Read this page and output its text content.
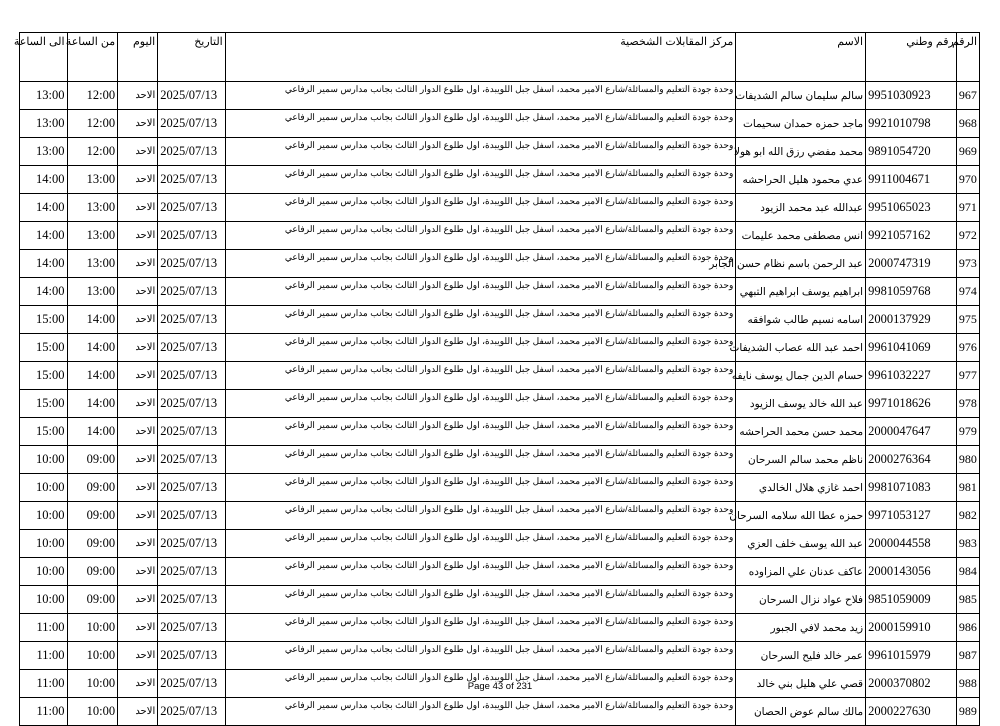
الرقم	رقم وطني	الاسم	مركز المقابلات الشخصية	التاريخ	اليوم	من الساعة	الى الساعة
967	9951030923	سالم سليمان سالم الشديفات	وحدة جودة التعليم والمسائلة/شارع الامير محمد، اسفل جبل اللويبدة، اول طلوع الدوار الثالث بجانب مدارس سمير الرفاعي	2025/07/13	الاحد	12:00	13:00
968	9921010798	ماجد حمزه حمدان سحيمات	وحدة جودة التعليم والمسائلة/شارع الامير محمد، اسفل جبل اللويبدة، اول طلوع الدوار الثالث بجانب مدارس سمير الرفاعي	2025/07/13	الاحد	12:00	13:00
969	9891054720	محمد مفضي رزق الله ابو هولا	وحدة جودة التعليم والمسائلة/شارع الامير محمد، اسفل جبل اللويبدة، اول طلوع الدوار الثالث بجانب مدارس سمير الرفاعي	2025/07/13	الاحد	12:00	13:00
970	9911004671	عدي محمود هليل الحراحشه	وحدة جودة التعليم والمسائلة/شارع الامير محمد، اسفل جبل اللويبدة، اول طلوع الدوار الثالث بجانب مدارس سمير الرفاعي	2025/07/13	الاحد	13:00	14:00
971	9951065023	عبدالله عبد محمد الزيود	وحدة جودة التعليم والمسائلة/شارع الامير محمد، اسفل جبل اللويبدة، اول طلوع الدوار الثالث بجانب مدارس سمير الرفاعي	2025/07/13	الاحد	13:00	14:00
972	9921057162	انس مصطفى محمد عليمات	وحدة جودة التعليم والمسائلة/شارع الامير محمد، اسفل جبل اللويبدة، اول طلوع الدوار الثالث بجانب مدارس سمير الرفاعي	2025/07/13	الاحد	13:00	14:00
973	2000747319	عبد الرحمن باسم نظام حسن الجابر	وحدة جودة التعليم والمسائلة/شارع الامير محمد، اسفل جبل اللويبدة، اول طلوع الدوار الثالث بجانب مدارس سمير الرفاعي	2025/07/13	الاحد	13:00	14:00
974	9981059768	ابراهيم يوسف ابراهيم التبهي	وحدة جودة التعليم والمسائلة/شارع الامير محمد، اسفل جبل اللويبدة، اول طلوع الدوار الثالث بجانب مدارس سمير الرفاعي	2025/07/13	الاحد	13:00	14:00
975	2000137929	اسامه نسيم طالب شوافقه	وحدة جودة التعليم والمسائلة/شارع الامير محمد، اسفل جبل اللويبدة، اول طلوع الدوار الثالث بجانب مدارس سمير الرفاعي	2025/07/13	الاحد	14:00	15:00
976	9961041069	احمد عبد الله عصاب الشديفات	وحدة جودة التعليم والمسائلة/شارع الامير محمد، اسفل جبل اللويبدة، اول طلوع الدوار الثالث بجانب مدارس سمير الرفاعي	2025/07/13	الاحد	14:00	15:00
977	9961032227	حسام الدين جمال يوسف نايفه	وحدة جودة التعليم والمسائلة/شارع الامير محمد، اسفل جبل اللويبدة، اول طلوع الدوار الثالث بجانب مدارس سمير الرفاعي	2025/07/13	الاحد	14:00	15:00
978	9971018626	عبد الله خالد يوسف الزيود	وحدة جودة التعليم والمسائلة/شارع الامير محمد، اسفل جبل اللويبدة، اول طلوع الدوار الثالث بجانب مدارس سمير الرفاعي	2025/07/13	الاحد	14:00	15:00
979	2000047647	محمد حسن محمد الحراحشه	وحدة جودة التعليم والمسائلة/شارع الامير محمد، اسفل جبل اللويبدة، اول طلوع الدوار الثالث بجانب مدارس سمير الرفاعي	2025/07/13	الاحد	14:00	15:00
980	2000276364	ناظم محمد سالم السرحان	وحدة جودة التعليم والمسائلة/شارع الامير محمد، اسفل جبل اللويبدة، اول طلوع الدوار الثالث بجانب مدارس سمير الرفاعي	2025/07/13	الاحد	09:00	10:00
981	9981071083	احمد غازي هلال الخالدي	وحدة جودة التعليم والمسائلة/شارع الامير محمد، اسفل جبل اللويبدة، اول طلوع الدوار الثالث بجانب مدارس سمير الرفاعي	2025/07/13	الاحد	09:00	10:00
982	9971053127	حمزه عطا الله سلامه السرحان	وحدة جودة التعليم والمسائلة/شارع الامير محمد، اسفل جبل اللويبدة، اول طلوع الدوار الثالث بجانب مدارس سمير الرفاعي	2025/07/13	الاحد	09:00	10:00
983	2000044558	عبد الله يوسف خلف العزي	وحدة جودة التعليم والمسائلة/شارع الامير محمد، اسفل جبل اللويبدة، اول طلوع الدوار الثالث بجانب مدارس سمير الرفاعي	2025/07/13	الاحد	09:00	10:00
984	2000143056	عاكف عدنان علي المزاوده	وحدة جودة التعليم والمسائلة/شارع الامير محمد، اسفل جبل اللويبدة، اول طلوع الدوار الثالث بجانب مدارس سمير الرفاعي	2025/07/13	الاحد	09:00	10:00
985	9851059009	فلاح عواد نزال السرحان	وحدة جودة التعليم والمسائلة/شارع الامير محمد، اسفل جبل اللويبدة، اول طلوع الدوار الثالث بجانب مدارس سمير الرفاعي	2025/07/13	الاحد	09:00	10:00
986	2000159910	زيد محمد لافي الجبور	وحدة جودة التعليم والمسائلة/شارع الامير محمد، اسفل جبل اللويبدة، اول طلوع الدوار الثالث بجانب مدارس سمير الرفاعي	2025/07/13	الاحد	10:00	11:00
987	9961015979	عمر خالد فليح السرحان	وحدة جودة التعليم والمسائلة/شارع الامير محمد، اسفل جبل اللويبدة، اول طلوع الدوار الثالث بجانب مدارس سمير الرفاعي	2025/07/13	الاحد	10:00	11:00
988	2000370802	قصي علي هليل بني خالد	وحدة جودة التعليم والمسائلة/شارع الامير محمد، اسفل جبل اللويبدة، اول طلوع الدوار الثالث بجانب مدارس سمير الرفاعي	2025/07/13	الاحد	10:00	11:00
989	2000227630	مالك سالم عوض الحصان	وحدة جودة التعليم والمسائلة/شارع الامير محمد، اسفل جبل اللويبدة، اول طلوع الدوار الثالث بجانب مدارس سمير الرفاعي	2025/07/13	الاحد	10:00	11:00
Page 43 of 231
